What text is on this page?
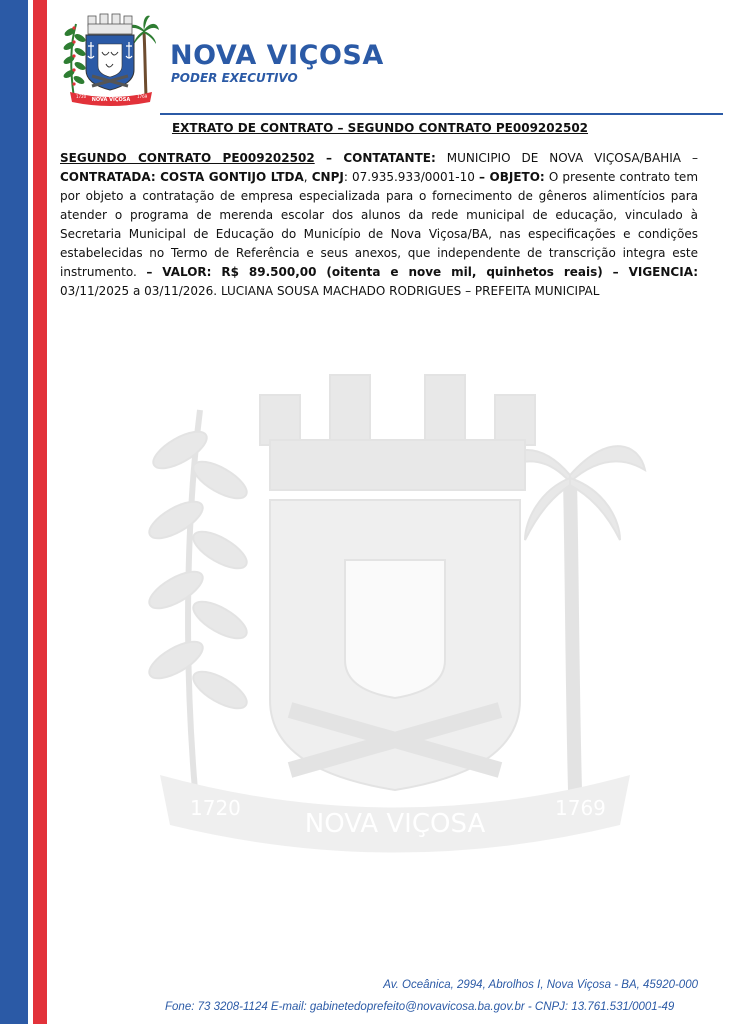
NOVA VIÇOSA
1720	1769
NOVA VIÇOSA
PODER EXECUTIVO
NOVA VIÇOSA
1720	1769
EXTRATO DE CONTRATO – SEGUNDO CONTRATO PE009202502
SEGUNDO CONTRATO PE009202502 – CONTATANTE: MUNICIPIO DE NOVA VIÇOSA/BAHIA – CONTRATADA: COSTA GONTIJO LTDA, CNPJ: 07.935.933/0001-10 – OBJETO: O presente contrato tem por objeto a contratação de empresa especializada para o fornecimento de gêneros alimentícios para atender o programa de merenda escolar dos alunos da rede municipal de educação, vinculado à Secretaria Municipal de Educação do Município de Nova Viçosa/BA, nas especificações e condições estabelecidas no Termo de Referência e seus anexos, que independente de transcrição integra este instrumento. – VALOR: R$ 89.500,00 (oitenta e nove mil, quinhetos reais) – VIGENCIA: 03/11/2025 a 03/11/2026. LUCIANA SOUSA MACHADO RODRIGUES – PREFEITA MUNICIPAL
Av. Oceânica, 2994, Abrolhos I, Nova Viçosa - BA, 45920-000
Fone: 73 3208-1124 E-mail: gabinetedoprefeito@novavicosa.ba.gov.br - CNPJ: 13.761.531/0001-49
